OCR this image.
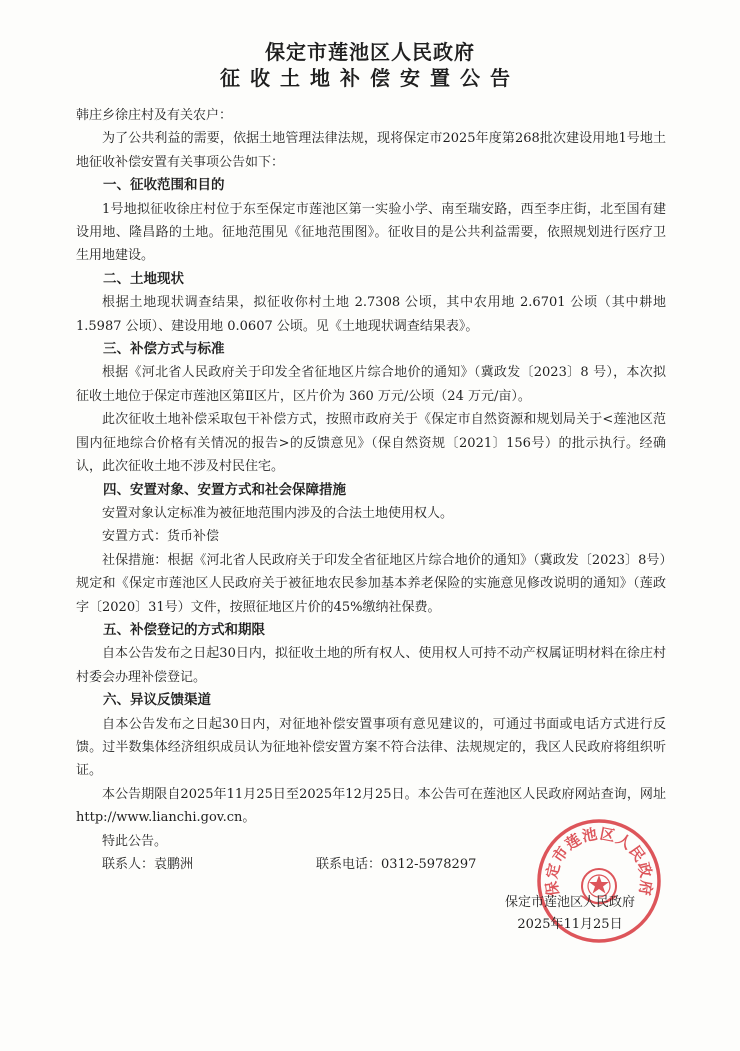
保定市莲池区人民政府
征收土地补偿安置公告

韩庄乡徐庄村及有关农户：

为了公共利益的需要，依据土地管理法律法规，现将保定市2025年度第268批次建设用地1号地土地征收补偿安置有关事项公告如下：

一、征收范围和目的

1号地拟征收徐庄村位于东至保定市莲池区第一实验小学、南至瑞安路，西至李庄街，北至国有建设用地、隆昌路的土地。征地范围见《征地范围图》。征收目的是公共利益需要，依照规划进行医疗卫生用地建设。

二、土地现状

根据土地现状调查结果，拟征收你村土地 2.7308 公顷，其中农用地 2.6701 公顷（其中耕地 1.5987 公顷）、建设用地 0.0607 公顷。见《土地现状调查结果表》。

三、补偿方式与标准

根据《河北省人民政府关于印发全省征地区片综合地价的通知》（冀政发〔2023〕8 号），本次拟征收土地位于保定市莲池区第Ⅱ区片，区片价为 360 万元/公顷（24 万元/亩）。

此次征收土地补偿采取包干补偿方式，按照市政府关于《保定市自然资源和规划局关于<莲池区范围内征地综合价格有关情况的报告>的反馈意见》（保自然资规〔2021〕156号）的批示执行。经确认，此次征收土地不涉及村民住宅。

四、安置对象、安置方式和社会保障措施

安置对象认定标准为被征地范围内涉及的合法土地使用权人。

安置方式：货币补偿

社保措施：根据《河北省人民政府关于印发全省征地区片综合地价的通知》（冀政发〔2023〕8号）规定和《保定市莲池区人民政府关于被征地农民参加基本养老保险的实施意见修改说明的通知》（莲政字〔2020〕31号）文件，按照征地区片价的45%缴纳社保费。

五、补偿登记的方式和期限

自本公告发布之日起30日内，拟征收土地的所有权人、使用权人可持不动产权属证明材料在徐庄村村委会办理补偿登记。

六、异议反馈渠道

自本公告发布之日起30日内，对征地补偿安置事项有意见建议的，可通过书面或电话方式进行反馈。过半数集体经济组织成员认为征地补偿安置方案不符合法律、法规规定的，我区人民政府将组织听证。

本公告期限自2025年11月25日至2025年12月25日。本公告可在莲池区人民政府网站查询，网址http://www.lianchi.gov.cn。

特此公告。

联系人：袁鹏洲	联系电话：0312-5978297
保定市莲池区人民政府
保定市莲池区人民政府
2025年11月25日
